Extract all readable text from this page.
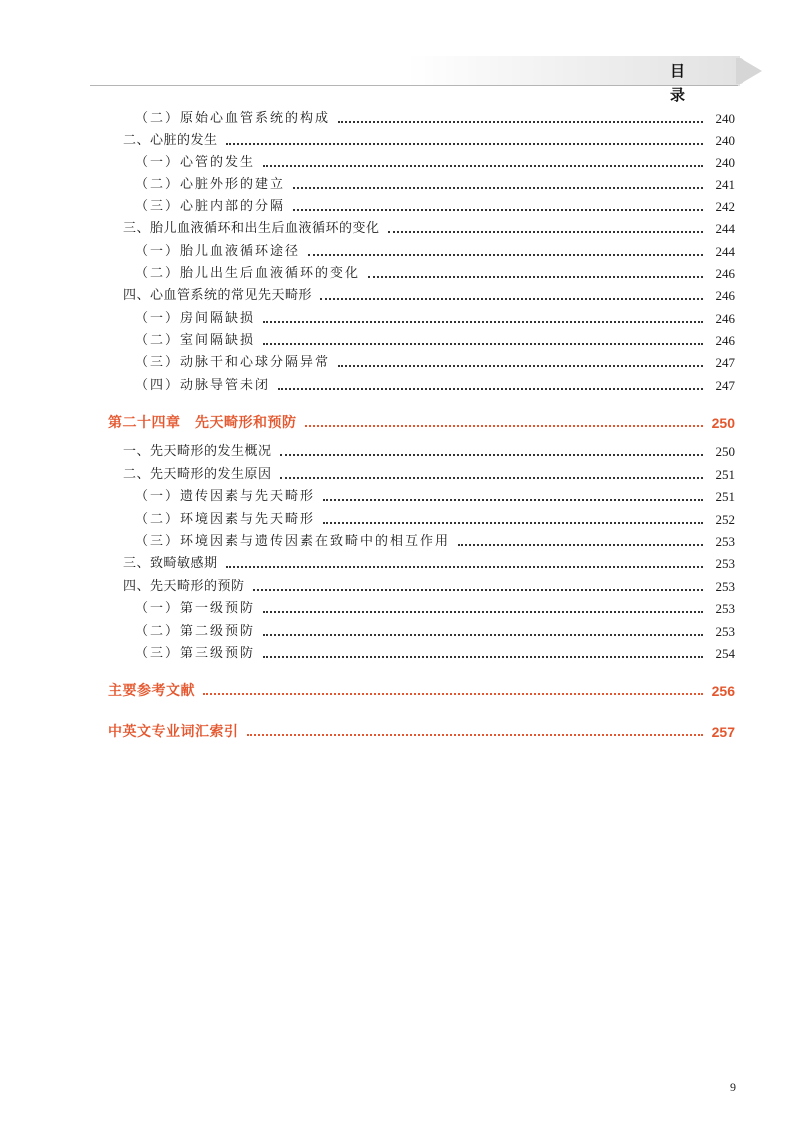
目 录
（二）原始心血管系统的构成	240
二、心脏的发生	240
（一）心管的发生	240
（二）心脏外形的建立	241
（三）心脏内部的分隔	242
三、胎儿血液循环和出生后血液循环的变化	244
（一）胎儿血液循环途径	244
（二）胎儿出生后血液循环的变化	246
四、心血管系统的常见先天畸形	246
（一）房间隔缺损	246
（二）室间隔缺损	246
（三）动脉干和心球分隔异常	247
（四）动脉导管未闭	247
第二十四章　先天畸形和预防	250
一、先天畸形的发生概况	250
二、先天畸形的发生原因	251
（一）遗传因素与先天畸形	251
（二）环境因素与先天畸形	252
（三）环境因素与遗传因素在致畸中的相互作用	253
三、致畸敏感期	253
四、先天畸形的预防	253
（一）第一级预防	253
（二）第二级预防	253
（三）第三级预防	254
主要参考文献	256
中英文专业词汇索引	257
9
